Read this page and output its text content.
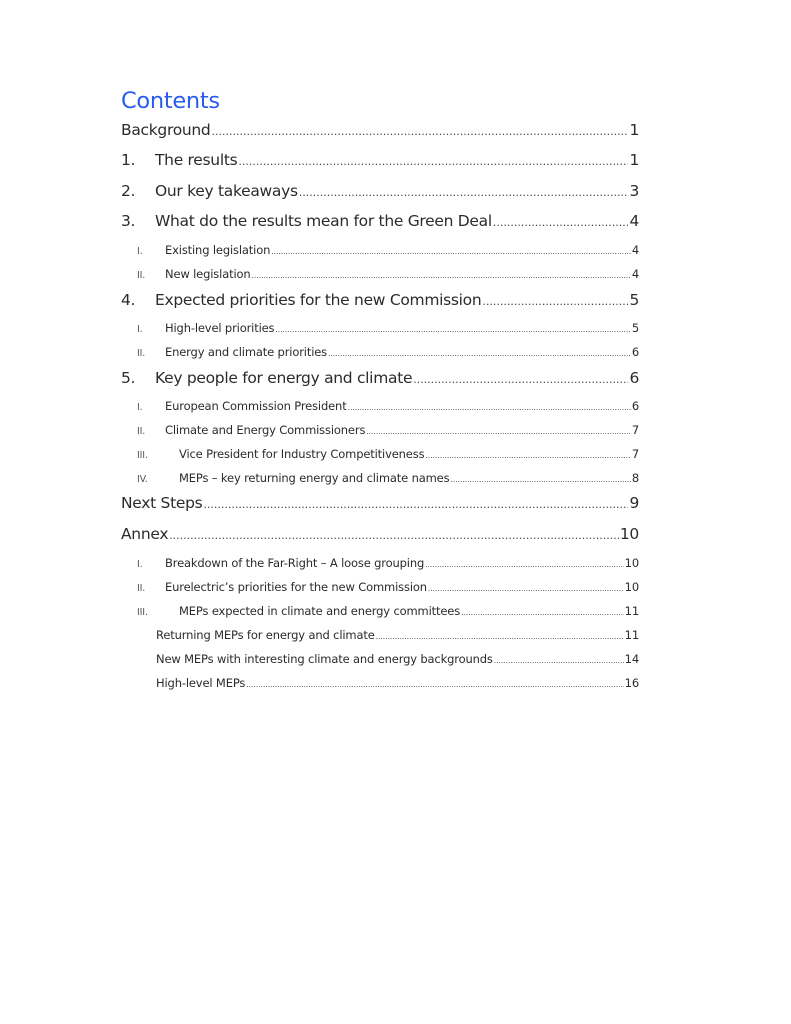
Contents
Background .....	1
1.	The results .....	1
2.	Our key takeaways .....	3
3.	What do the results mean for the Green Deal .....	4
I.	Existing legislation .....	4
II.	New legislation .....	4
4.	Expected priorities for the new Commission .....	5
I.	High-level priorities .....	5
II.	Energy and climate priorities .....	6
5.	Key people for energy and climate .....	6
I.	European Commission President .....	6
II.	Climate and Energy Commissioners .....	7
III.	Vice President for Industry Competitiveness .....	7
IV.	MEPs – key returning energy and climate names .....	8
Next Steps .....	9
Annex .....	10
I.	Breakdown of the Far-Right – A loose grouping .....	10
II.	Eurelectric’s priorities for the new Commission .....	10
III.	MEPs expected in climate and energy committees .....	11
Returning MEPs for energy and climate .....	11
New MEPs with interesting climate and energy backgrounds .....	14
High-level MEPs .....	16
